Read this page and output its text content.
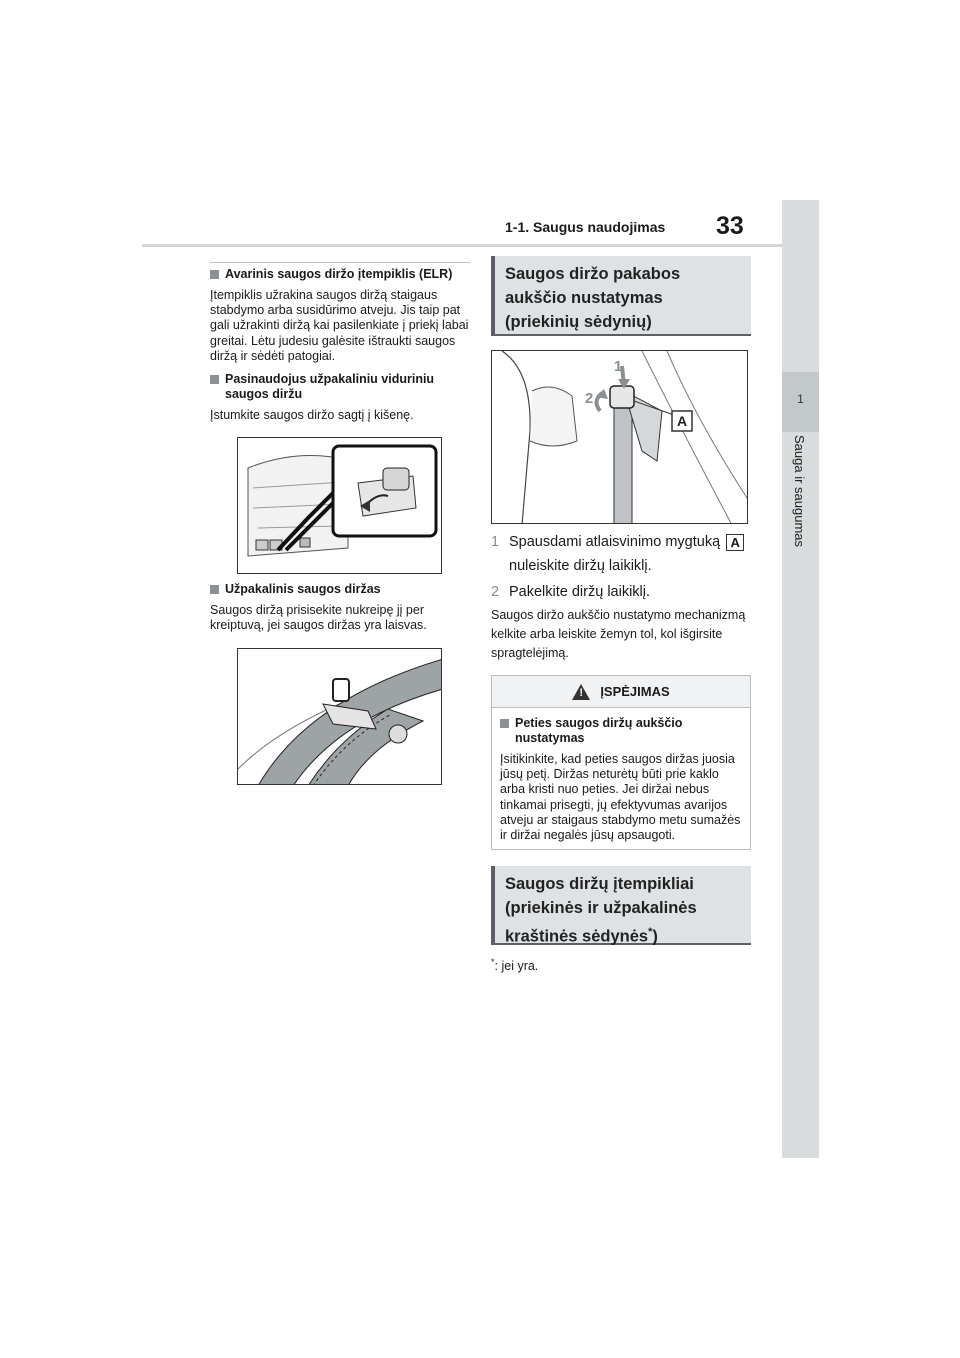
1-1. Saugus naudojimas 33
1
Sauga ir saugumas
Avarinis saugos diržo įtempiklis (ELR)

Įtempiklis užrakina saugos diržą staigaus stabdymo arba susidūrimo atveju. Jis taip pat gali užrakinti diržą kai pasilenkiate į priekį labai greitai. Lėtu judesiu galėsite ištraukti saugos diržą ir sėdėti patogiai.

Pasinaudojus užpakaliniu viduriniu saugos diržu

Įstumkite saugos diržo sagtį į kišenę.

Užpakalinis saugos diržas

Saugos diržą prisisekite nukreipę jį per kreiptuvą, jei saugos diržas yra laisvas.

Saugos diržo pakabos aukščio nustatymas (priekinių sėdynių)
A
1
2
1 Spausdami atlaisvinimo mygtuką A nuleiskite diržų laikiklį.
2 Pakelkite diržų laikiklį.

Saugos diržo aukščio nustatymo mechanizmą kelkite arba leiskite žemyn tol, kol išgirsite spragtelėjimą.

! ĮSPĖJIMAS
Peties saugos diržų aukščio nustatymas

Įsitikinkite, kad peties saugos diržas juosia jūsų petį. Diržas neturėtų būti prie kaklo arba kristi nuo peties. Jei diržai nebus tinkamai prisegti, jų efektyvumas avarijos atveju ar staigaus stabdymo metu sumažės ir diržai negalės jūsų apsaugoti.

Saugos diržų įtempikliai (priekinės ir užpakalinės kraštinės sėdynės*)

*: jei yra.
